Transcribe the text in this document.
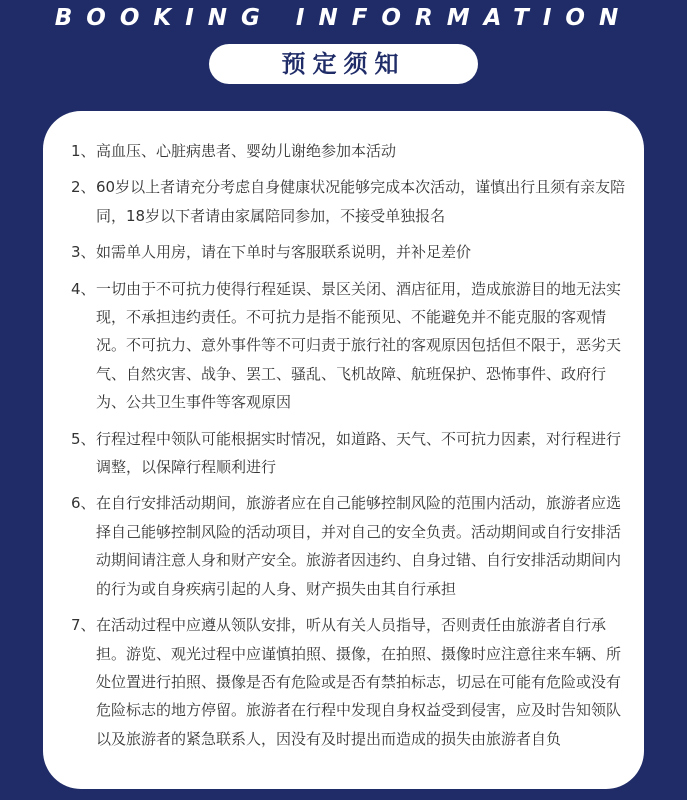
BOOKING INFORMATION
预定须知
1、 高血压、心脏病患者、婴幼儿谢绝参加本活动
2、 60岁以上者请充分考虑自身健康状况能够完成本次活动，谨慎出行且须有亲友陪同，18岁以下者请由家属陪同参加，不接受单独报名
3、 如需单人用房，请在下单时与客服联系说明，并补足差价
4、 一切由于不可抗力使得行程延误、景区关闭、酒店征用，造成旅游目的地无法实现，不承担违约责任。不可抗力是指不能预见、不能避免并不能克服的客观情况。不可抗力、意外事件等不可归责于旅行社的客观原因包括但不限于，恶劣天气、自然灾害、战争、罢工、骚乱、飞机故障、航班保护、恐怖事件、政府行为、公共卫生事件等客观原因
5、 行程过程中领队可能根据实时情况，如道路、天气、不可抗力因素，对行程进行调整，以保障行程顺利进行
6、 在自行安排活动期间，旅游者应在自己能够控制风险的范围内活动，旅游者应选择自己能够控制风险的活动项目，并对自己的安全负责。活动期间或自行安排活动期间请注意人身和财产安全。旅游者因违约、自身过错、自行安排活动期间内的行为或自身疾病引起的人身、财产损失由其自行承担
7、 在活动过程中应遵从领队安排，听从有关人员指导，否则责任由旅游者自行承担。游览、观光过程中应谨慎拍照、摄像，在拍照、摄像时应注意往来车辆、所处位置进行拍照、摄像是否有危险或是否有禁拍标志，切忌在可能有危险或没有危险标志的地方停留。旅游者在行程中发现自身权益受到侵害，应及时告知领队以及旅游者的紧急联系人，因没有及时提出而造成的损失由旅游者自负
